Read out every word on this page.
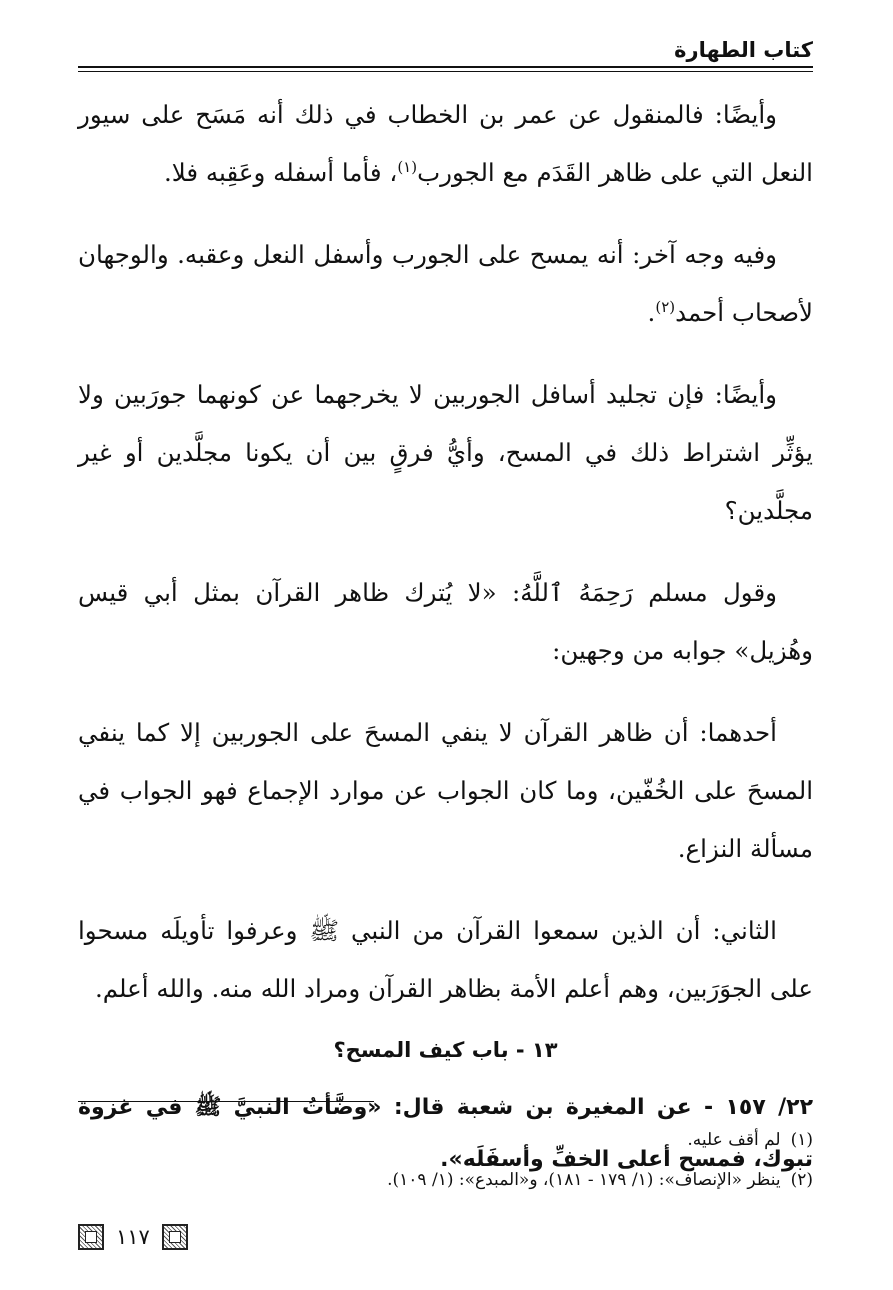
كتاب الطهارة

وأيضًا: فالمنقول عن عمر بن الخطاب في ذلك أنه مَسَح على سيور النعل التي على ظاهر القَدَم مع الجورب$^{(١)}$، فأما أسفله وعَقِبه فلا.

وفيه وجه آخر: أنه يمسح على الجورب وأسفل النعل وعقبه. والوجهان لأصحاب أحمد$^{(٢)}$.

وأيضًا: فإن تجليد أسافل الجوربين لا يخرجهما عن كونهما جورَبين ولا يؤثِّر اشتراط ذلك في المسح، وأيُّ فرقٍ بين أن يكونا مجلَّدين أو غير مجلَّدين؟

وقول مسلم رَحِمَهُ ٱللَّهُ: «لا يُترك ظاهر القرآن بمثل أبي قيس وهُزيل» جوابه من وجهين:

أحدهما: أن ظاهر القرآن لا ينفي المسحَ على الجوربين إلا كما ينفي المسحَ على الخُفّين، وما كان الجواب عن موارد الإجماع فهو الجواب في مسألة النزاع.

الثاني: أن الذين سمعوا القرآن من النبي ﷺ وعرفوا تأويلَه مسحوا على الجوَرَبين، وهم أعلم الأمة بظاهر القرآن ومراد الله منه. والله أعلم.

١٣ - باب كيف المسح؟

٢٢/ ١٥٧ - عن المغيرة بن شعبة قال: «وضَّأتُ النبيَّ ﷺ في غزوة تبوك، فمسح أعلى الخفِّ وأسفَلَه».

(١)لم أقف عليه.
(٢)ينظر «الإنصاف»: (١/ ١٧٩ - ١٨١)، و«المبدع»: (١/ ١٠٩).
١١٧
